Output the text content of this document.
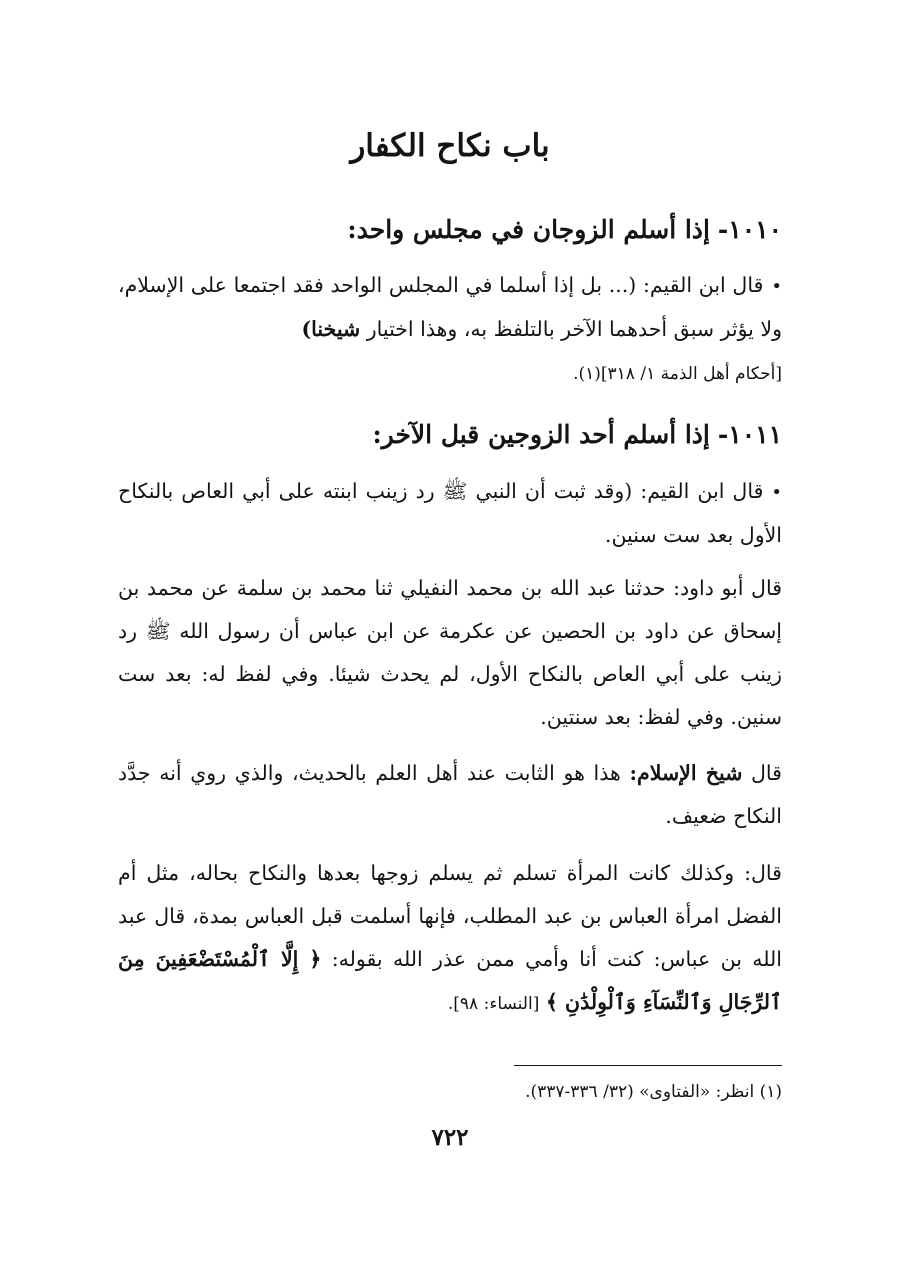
باب نكاح الكفار
١٠١٠-إذا أسلم الزوجان في مجلس واحد:

•قال ابن القيم: (... بل إذا أسلما في المجلس الواحد فقد اجتمعا على الإسلام، ولا يؤثر سبق أحدهما الآخر بالتلفظ به، وهذا اختيار شيخنا)
[أحكام أهل الذمة ١/ ٣١٨](١).

١٠١١-إذا أسلم أحد الزوجين قبل الآخر:

•قال ابن القيم: (وقد ثبت أن النبي ﷺ رد زينب ابنته على أبي العاص بالنكاح الأول بعد ست سنين.

قال أبو داود: حدثنا عبد الله بن محمد النفيلي ثنا محمد بن سلمة عن محمد بن إسحاق عن داود بن الحصين عن عكرمة عن ابن عباس أن رسول الله ﷺ رد زينب على أبي العاص بالنكاح الأول، لم يحدث شيئا. وفي لفظ له: بعد ست سنين. وفي لفظ: بعد سنتين.

قال شيخ الإسلام: هذا هو الثابت عند أهل العلم بالحديث، والذي روي أنه جدَّد النكاح ضعيف.

قال: وكذلك كانت المرأة تسلم ثم يسلم زوجها بعدها والنكاح بحاله، مثل أم الفضل امرأة العباس بن عبد المطلب، فإنها أسلمت قبل العباس بمدة، قال عبد الله بن عباس: كنت أنا وأمي ممن عذر الله بقوله: ﴿ إِلَّا ٱلْمُسْتَضْعَفِينَ مِنَ ٱلرِّجَالِ وَٱلنِّسَآءِ وَٱلْوِلْدَٰنِ ﴾ [النساء: ٩٨].

(١) انظر: «الفتاوى» (٣٢/ ٣٣٦-٣٣٧).

٧٢٢
